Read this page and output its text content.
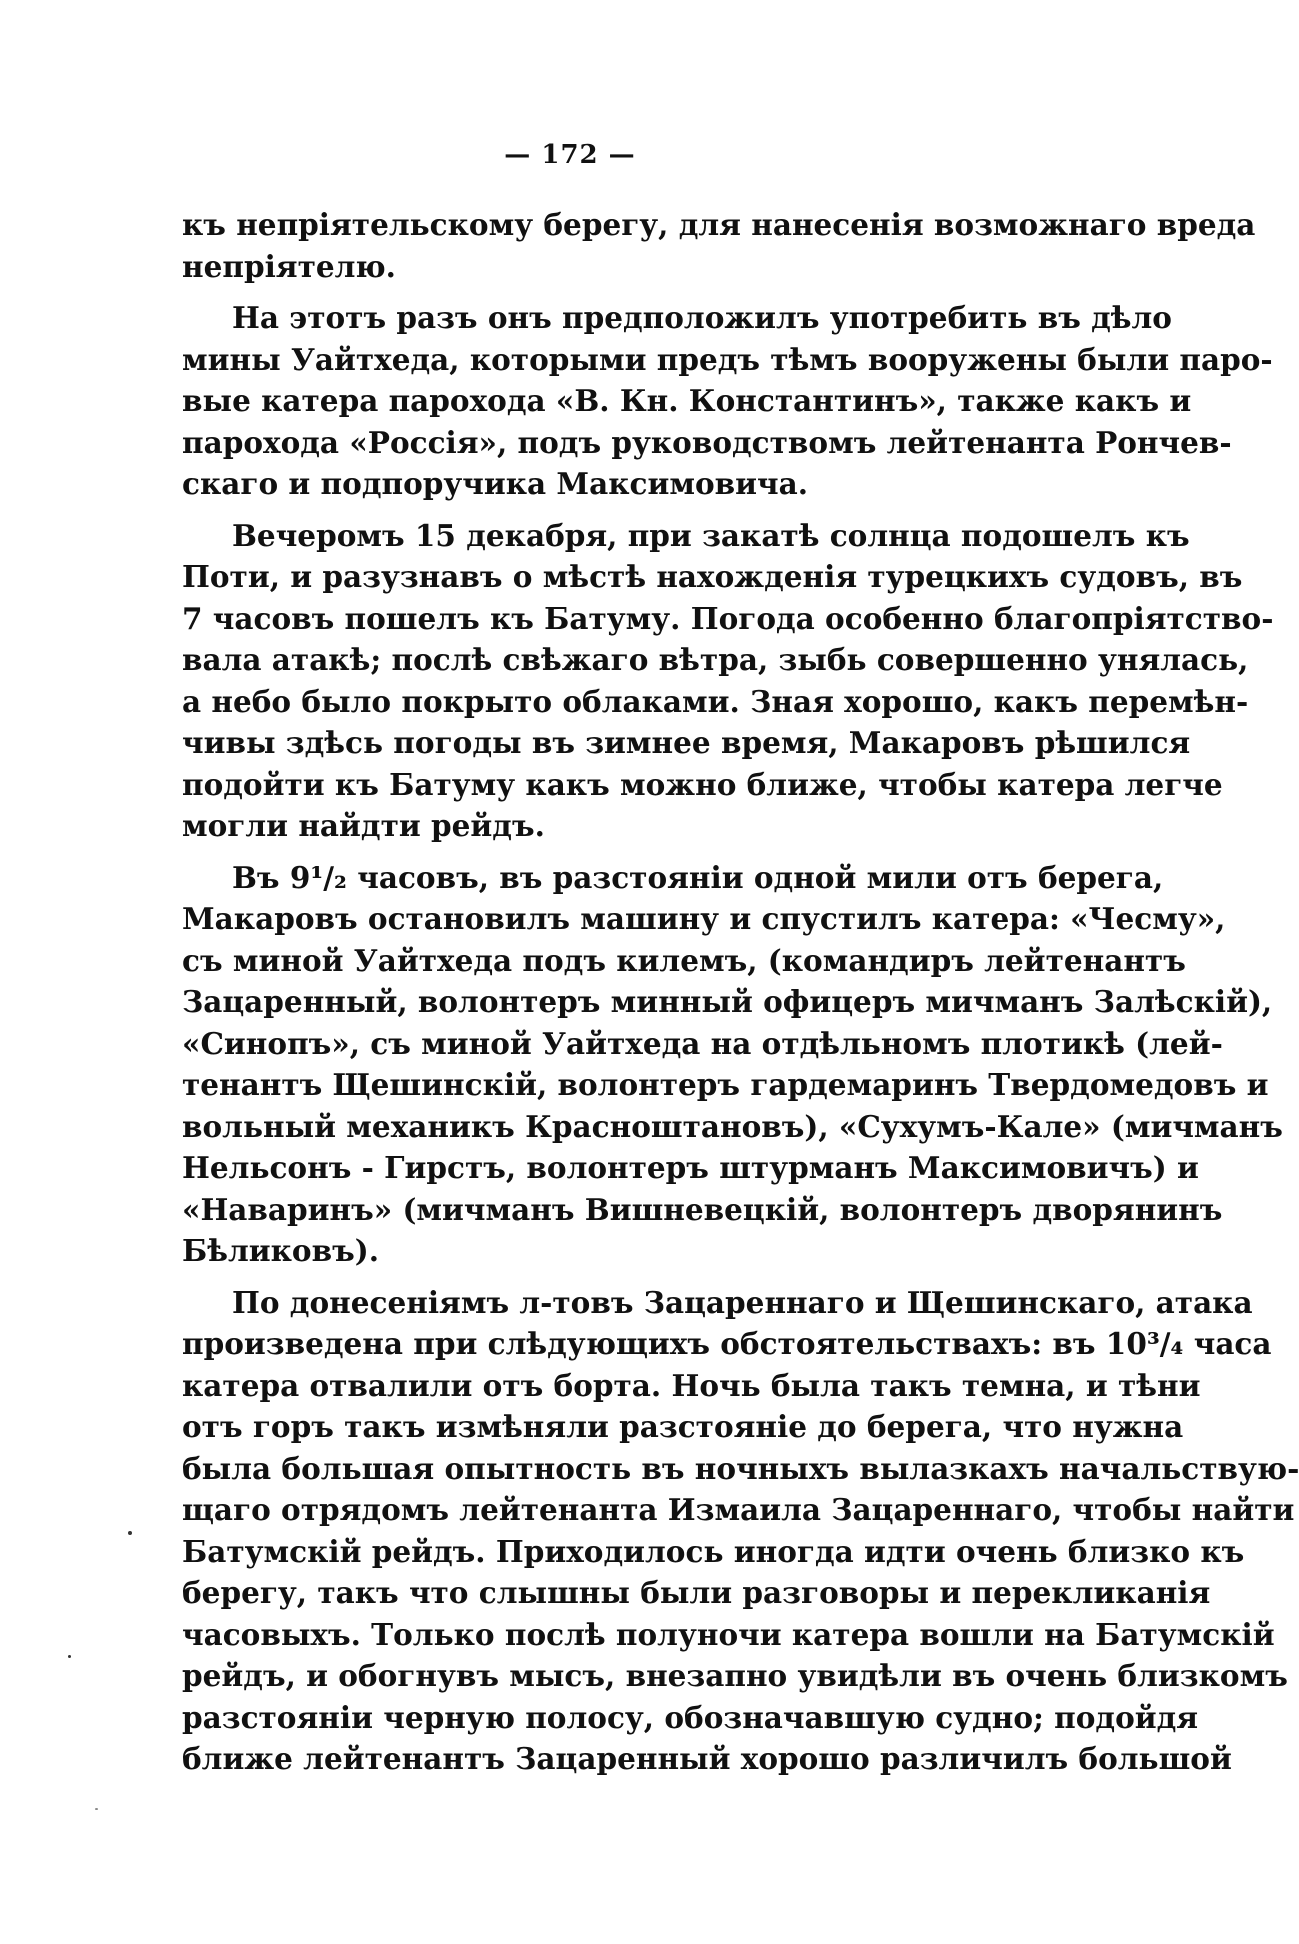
— 172 —

къ непріятельскому берегу, для нанесенія возможнаго вреда
непріятелю.

На этотъ разъ онъ предположилъ употребить въ дѣло
мины Уайтхеда, которыми предъ тѣмъ вооружены были паро-
вые катера парохода «В. Кн. Константинъ», также какъ и
парохода «Россія», подъ руководствомъ лейтенанта Рончев-
скаго и подпоручика Максимовича.

Вечеромъ 15 декабря, при закатѣ солнца подошелъ къ
Поти, и разузнавъ о мѣстѣ нахожденія турецкихъ судовъ, въ
7 часовъ пошелъ къ Батуму. Погода особенно благопріятство-
вала атакѣ; послѣ свѣжаго вѣтра, зыбь совершенно унялась,
а небо было покрыто облаками. Зная хорошо, какъ перемѣн-
чивы здѣсь погоды въ зимнее время, Макаровъ рѣшился
подойти къ Батуму какъ можно ближе, чтобы катера легче
могли найдти рейдъ.

Въ 9¹/₂ часовъ, въ разстояніи одной мили отъ берега,
Макаровъ остановилъ машину и спустилъ катера: «Чесму»,
съ миной Уайтхеда подъ килемъ, (командиръ лейтенантъ
Зацаренный, волонтеръ минный офицеръ мичманъ Залѣскій),
«Синопъ», съ миной Уайтхеда на отдѣльномъ плотикѣ (лей-
тенантъ Щешинскій, волонтеръ гардемаринъ Твердомедовъ и
вольный механикъ Красноштановъ), «Сухумъ-Кале» (мичманъ
Нельсонъ - Гирстъ, волонтеръ штурманъ Максимовичъ) и
«Наваринъ» (мичманъ Вишневецкій, волонтеръ дворянинъ
Бѣликовъ).

По донесеніямъ л-товъ Зацареннаго и Щешинскаго, атака
произведена при слѣдующихъ обстоятельствахъ: въ 10³/₄ часа
катера отвалили отъ борта. Ночь была такъ темна, и тѣни
отъ горъ такъ измѣняли разстояніе до берега, что нужна
была большая опытность въ ночныхъ вылазкахъ начальствую-
щаго отрядомъ лейтенанта Измаила Зацареннаго, чтобы найти
Батумскій рейдъ. Приходилось иногда идти очень близко къ
берегу, такъ что слышны были разговоры и перекликанія
часовыхъ. Только послѣ полуночи катера вошли на Батумскій
рейдъ, и обогнувъ мысъ, внезапно увидѣли въ очень близкомъ
разстояніи черную полосу, обозначавшую судно; подойдя
ближе лейтенантъ Зацаренный хорошо различилъ большой
